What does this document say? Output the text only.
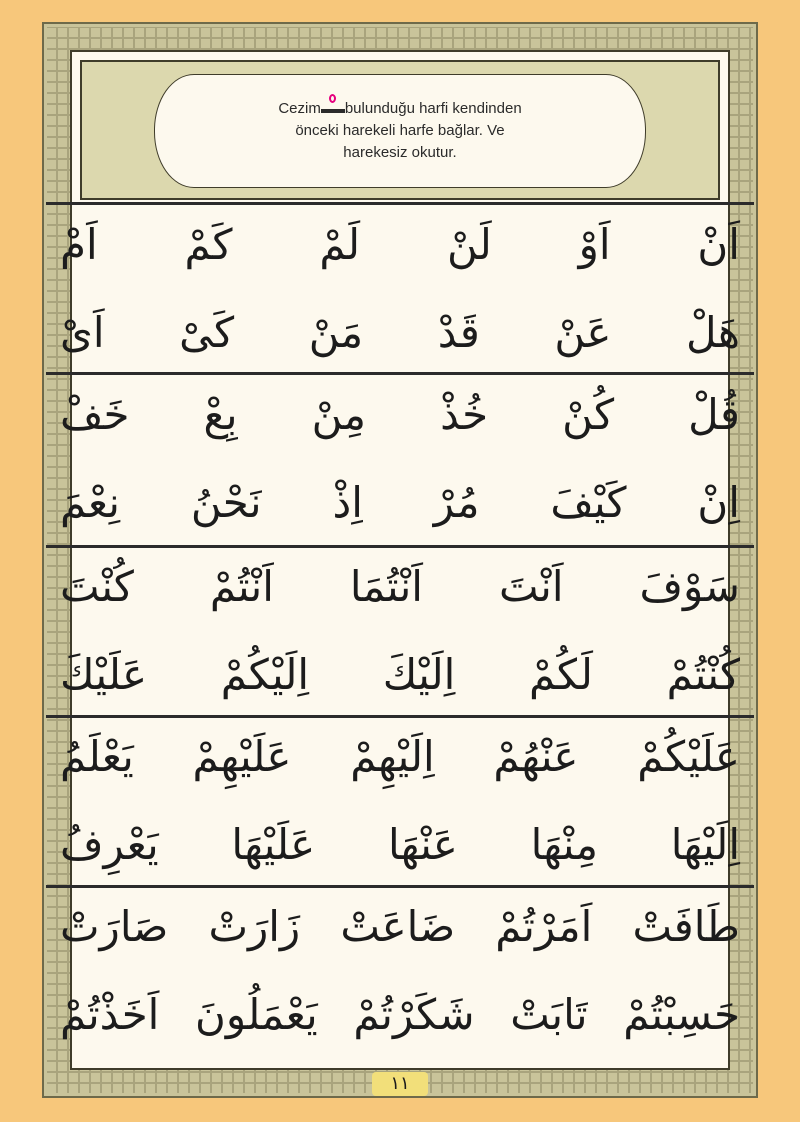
Cezim bulunduğu harfi kendinden
önceki harekeli harfe bağlar. Ve
harekesiz okutur.
اَنْ
اَوْ
لَنْ
لَمْ
كَمْ
اَمْ
هَلْ
عَنْ
قَدْ
مَنْ
كَىْ
اَىْ
قُلْ
كُنْ
خُذْ
مِنْ
بِعْ
خَفْ
اِنْ
كَيْفَ
مُرْ
اِذْ
نَحْنُ
نِعْمَ
سَوْفَ
اَنْتَ
اَنْتُمَا
اَنْتُمْ
كُنْتَ
كُنْتُمْ
لَكُمْ
اِلَيْكَ
اِلَيْكُمْ
عَلَيْكَ
عَلَيْكُمْ
عَنْهُمْ
اِلَيْهِمْ
عَلَيْهِمْ
يَعْلَمُ
اِلَيْهَا
مِنْهَا
عَنْهَا
عَلَيْهَا
يَعْرِفُ
طَافَتْ
اَمَرْتُمْ
ضَاعَتْ
زَارَتْ
صَارَتْ
حَسِبْتُمْ
تَابَتْ
شَكَرْتُمْ
يَعْمَلُونَ
اَخَذْتُمْ
١١
